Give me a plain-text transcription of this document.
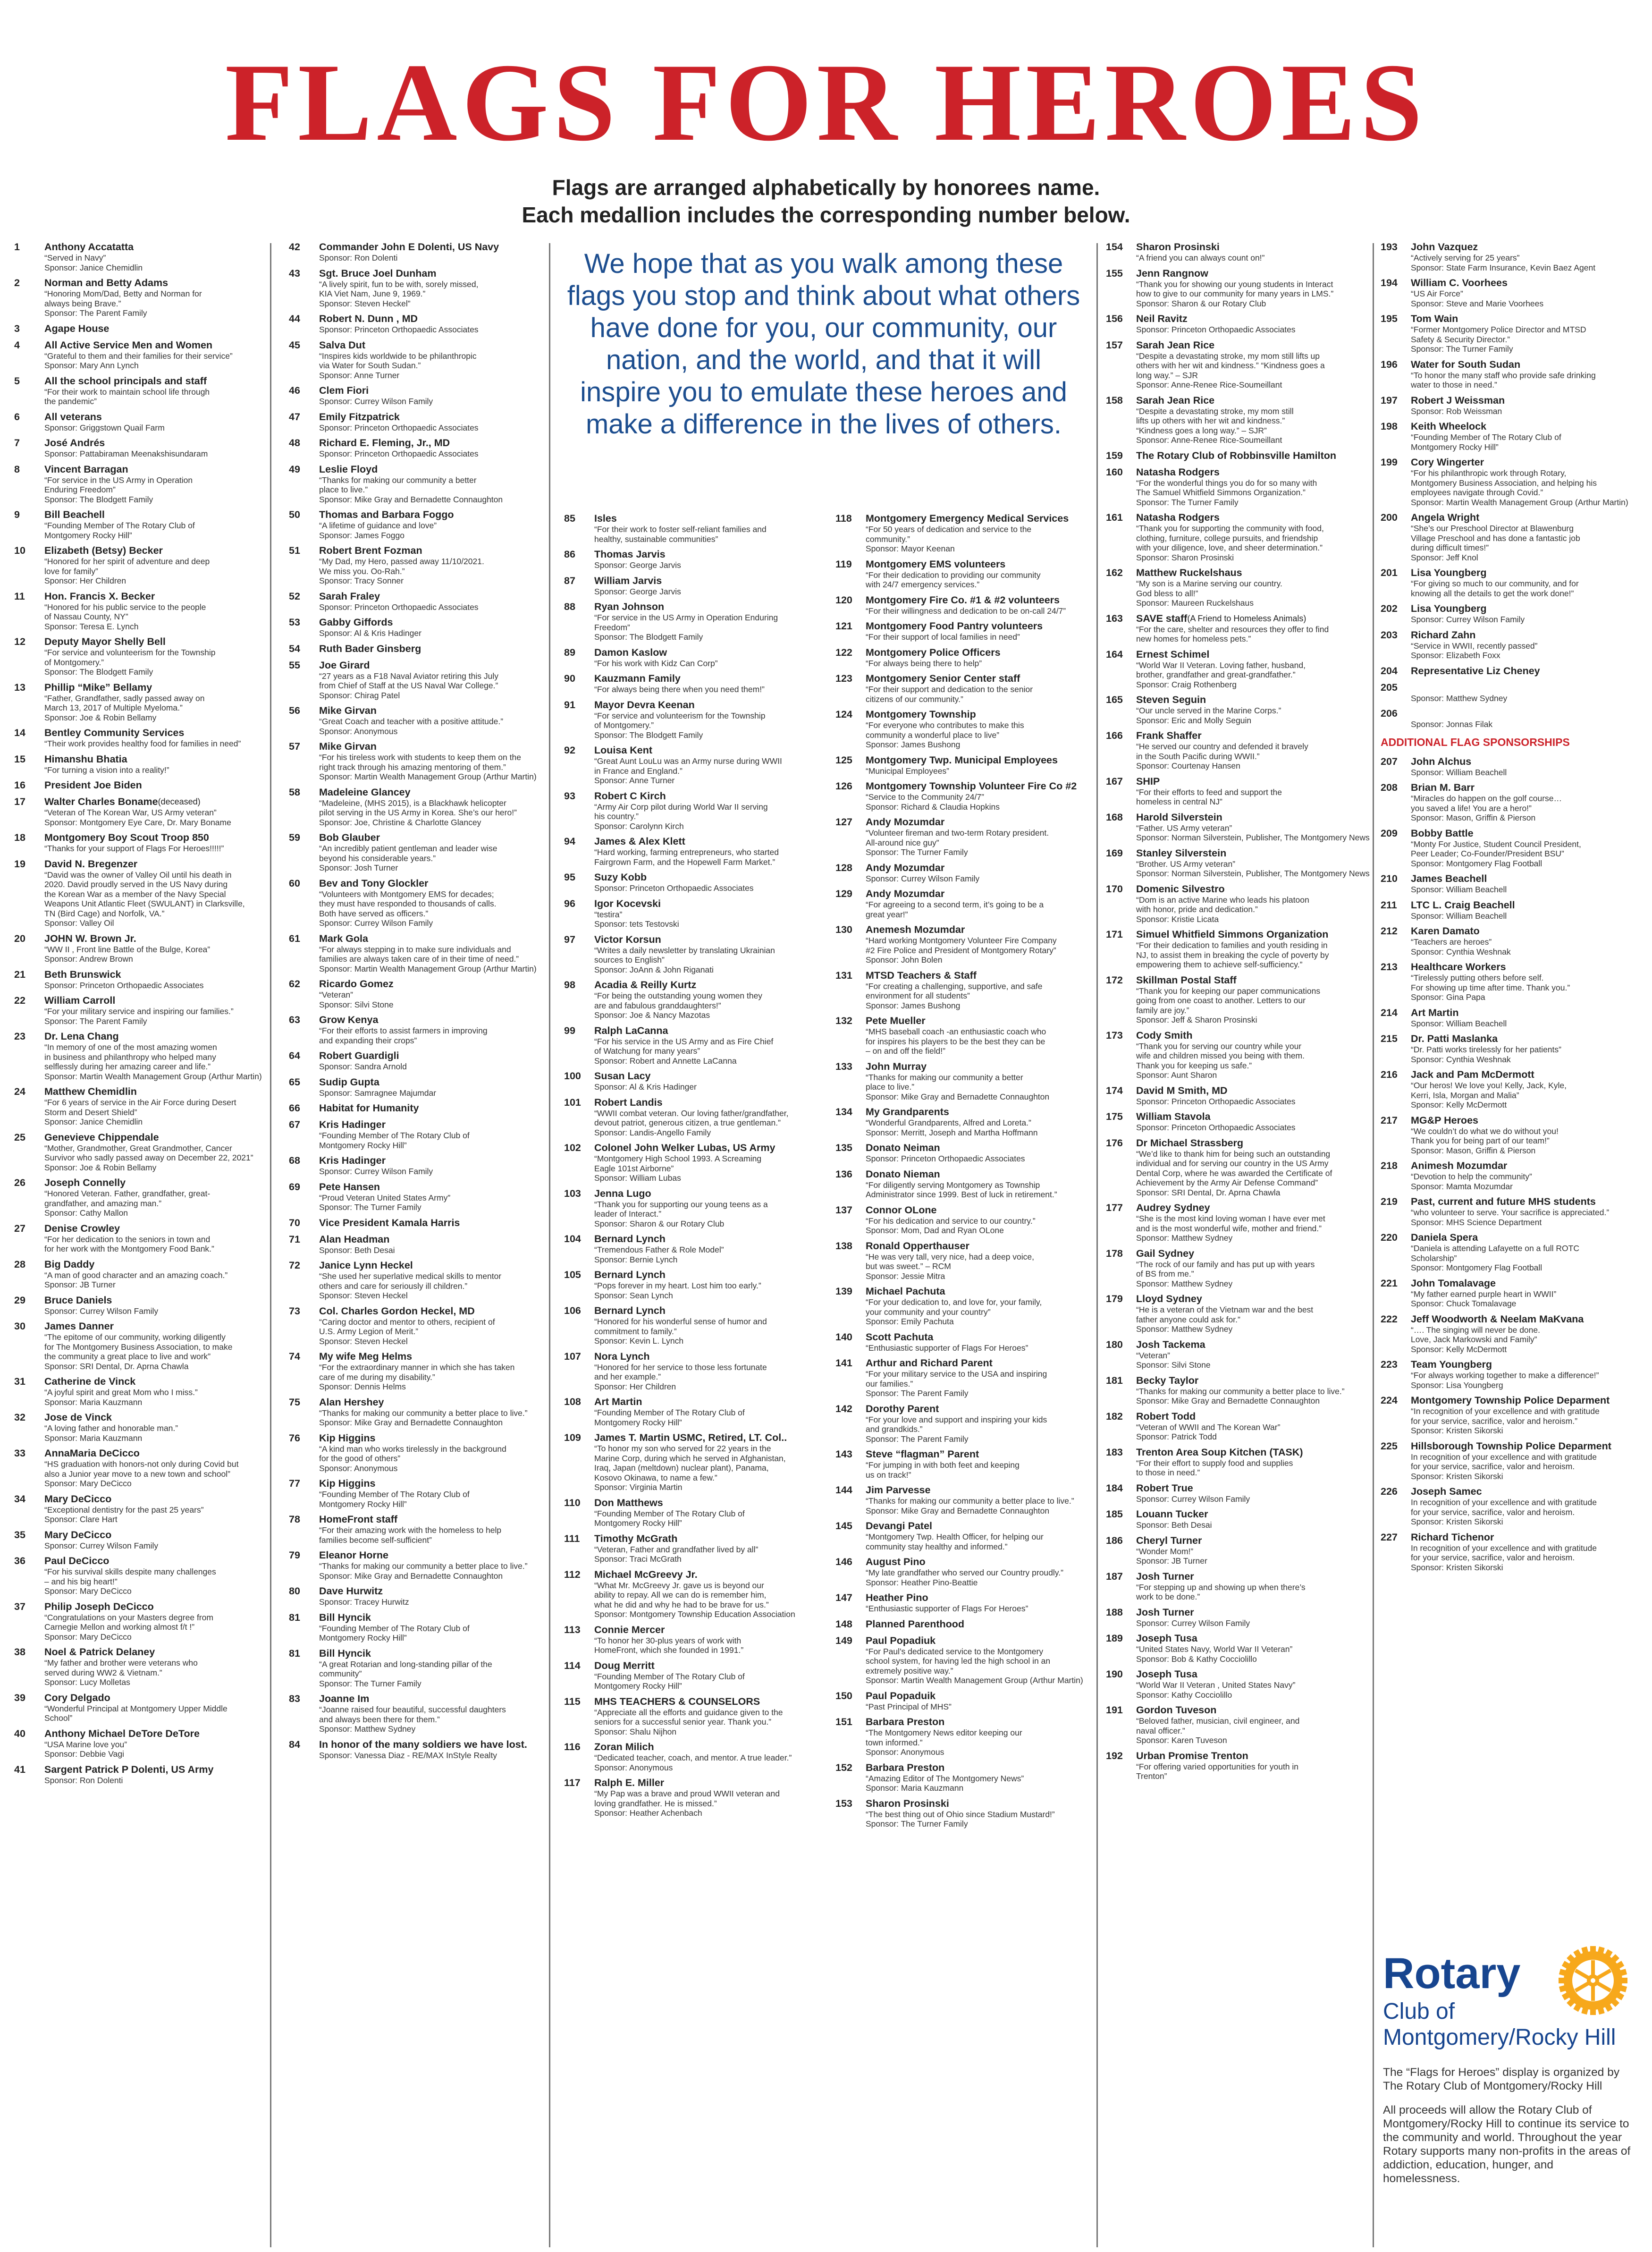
FLAGS FOR HEROES
Flags are arranged alphabetically by honorees name.
Each medallion includes the corresponding number below.
1	Anthony Accatatta
“Served in Navy”
Sponsor: Janice Chemidlin
2	Norman and Betty Adams
“Honoring Mom/Dad, Betty and Norman for
always being Brave.”
Sponsor: The Parent Family
3	Agape House
4	All Active Service Men and Women
“Grateful to them and their families for their service”
Sponsor: Mary Ann Lynch
5	All the school principals and staff
“For their work to maintain school life through
the pandemic”
6	All veterans
Sponsor: Griggstown Quail Farm
7	José Andrés
Sponsor: Pattabiraman Meenakshisundaram
8	Vincent Barragan
“For service in the US Army in Operation
Enduring Freedom”
Sponsor: The Blodgett Family
9	Bill Beachell
“Founding Member of The Rotary Club of
Montgomery Rocky Hill”
10	Elizabeth (Betsy) Becker
“Honored for her spirit of adventure and deep
love for family”
Sponsor: Her Children
11	Hon. Francis X. Becker
“Honored for his public service to the people
of Nassau County, NY”
Sponsor: Teresa E. Lynch
12	Deputy Mayor Shelly Bell
“For service and volunteerism for the Township
of Montgomery.”
Sponsor: The Blodgett Family
13	Phillip “Mike” Bellamy
“Father, Grandfather, sadly passed away on
March 13, 2017 of Multiple Myeloma.”
Sponsor: Joe & Robin Bellamy
14	Bentley Community Services
“Their work provides healthy food for families in need”
15	Himanshu Bhatia
“For turning a vision into a reality!”
16	President Joe Biden
17	Walter Charles Boname (deceased)
“Veteran of The Korean War, US Army veteran”
Sponsor: Montgomery Eye Care, Dr. Mary Boname
18	Montgomery Boy Scout Troop 850
“Thanks for your support of Flags For Heroes!!!!!”
19	David N. Bregenzer
“David was the owner of Valley Oil until his death in
2020. David proudly served in the US Navy during
the Korean War as a member of the Navy Special
Weapons Unit Atlantic Fleet (SWULANT) in Clarksville,
TN (Bird Cage) and Norfolk, VA.”
Sponsor: Valley Oil
20	JOHN W. Brown Jr.
“WW II , Front line Battle of the Bulge, Korea”
Sponsor: Andrew Brown
21	Beth Brunswick
Sponsor: Princeton Orthopaedic Associates
22	William Carroll
“For your military service and inspiring our families.”
Sponsor: The Parent Family
23	Dr. Lena Chang
“In memory of one of the most amazing women
in business and philanthropy who helped many
selflessly during her amazing career and life.”
Sponsor: Martin Wealth Management Group (Arthur Martin)
24	Matthew Chemidlin
“For 6 years of service in the Air Force during Desert
Storm and Desert Shield”
Sponsor: Janice Chemidlin
25	Genevieve Chippendale
“Mother, Grandmother, Great Grandmother, Cancer
Survivor who sadly passed away on December 22, 2021”
Sponsor: Joe & Robin Bellamy
26	Joseph Connelly
“Honored Veteran. Father, grandfather, great-
grandfather, and amazing man.”
Sponsor: Cathy Mallon
27	Denise Crowley
“For her dedication to the seniors in town and
for her work with the Montgomery Food Bank.”
28	Big Daddy
“A man of good character and an amazing coach.”
Sponsor: JB Turner
29	Bruce Daniels
Sponsor: Currey Wilson Family
30	James Danner
“The epitome of our community, working diligently
for The Montgomery Business Association, to make
the community a great place to live and work”
Sponsor: SRI Dental, Dr. Aprna Chawla
31	Catherine de Vinck
“A joyful spirit and great Mom who I miss.”
Sponsor: Maria Kauzmann
32	Jose de Vinck
“A loving father and honorable man.”
Sponsor: Maria Kauzmann
33	AnnaMaria DeCicco
“HS graduation with honors-not only during Covid but
also a Junior year move to a new town and school”
Sponsor: Mary DeCicco
34	Mary DeCicco
“Exceptional dentistry for the past 25 years”
Sponsor: Clare Hart
35	Mary DeCicco
Sponsor: Currey Wilson Family
36	Paul DeCicco
“For his survival skills despite many challenges
– and his big heart!”
Sponsor: Mary DeCicco
37	Philip Joseph DeCicco
“Congratulations on your Masters degree from
Carnegie Mellon and working almost f/t !”
Sponsor: Mary DeCicco
38	Noel & Patrick Delaney
“My father and brother were veterans who
served during WW2 & Vietnam.”
Sponsor: Lucy Molletas
39	Cory Delgado
“Wonderful Principal at Montgomery Upper Middle
School”
40	Anthony Michael DeTore DeTore
“USA Marine love you”
Sponsor: Debbie Vagi
41	Sargent Patrick P Dolenti, US Army
Sponsor: Ron Dolenti
42	Commander John E Dolenti, US Navy
Sponsor: Ron Dolenti
43	Sgt. Bruce Joel Dunham
“A lively spirit, fun to be with, sorely missed,
KIA Viet Nam, June 9, 1969.”
Sponsor: Steven Heckel”
44	Robert N. Dunn , MD
Sponsor: Princeton Orthopaedic Associates
45	Salva Dut
“Inspires kids worldwide to be philanthropic
via Water for South Sudan.”
Sponsor: Anne Turner
46	Clem Fiori
Sponsor: Currey Wilson Family
47	Emily Fitzpatrick
Sponsor: Princeton Orthopaedic Associates
48	Richard E. Fleming, Jr., MD
Sponsor: Princeton Orthopaedic Associates
49	Leslie Floyd
“Thanks for making our community a better
place to live.”
Sponsor: Mike Gray and Bernadette Connaughton
50	Thomas and Barbara Foggo
“A lifetime of guidance and love”
Sponsor: James Foggo
51	Robert Brent Fozman
“My Dad, my Hero, passed away 11/10/2021.
We miss you. Oo-Rah.”
Sponsor: Tracy Sonner
52	Sarah Fraley
Sponsor: Princeton Orthopaedic Associates
53	Gabby Giffords
Sponsor: Al & Kris Hadinger
54	Ruth Bader Ginsberg
55	Joe Girard
“27 years as a F18 Naval Aviator retiring this July
from Chief of Staff at the US Naval War College.”
Sponsor: Chirag Patel
56	Mike Girvan
“Great Coach and teacher with a positive attitude.”
Sponsor: Anonymous
57	Mike Girvan
“For his tireless work with students to keep them on the
right track through his amazing mentoring of them.”
Sponsor: Martin Wealth Management Group (Arthur Martin)
58	Madeleine Glancey
“Madeleine, (MHS 2015), is a Blackhawk helicopter
pilot serving in the US Army in Korea. She’s our hero!”
Sponsor: Joe, Christine & Charlotte Glancey
59	Bob Glauber
“An incredibly patient gentleman and leader wise
beyond his considerable years.”
Sponsor: Josh Turner
60	Bev and Tony Glockler
“Volunteers with Montgomery EMS for decades;
they must have responded to thousands of calls.
Both have served as officers.”
Sponsor: Currey Wilson Family
61	Mark Gola
“For always stepping in to make sure individuals and
families are always taken care of in their time of need.”
Sponsor: Martin Wealth Management Group (Arthur Martin)
62	Ricardo Gomez
“Veteran”
Sponsor: Silvi Stone
63	Grow Kenya
“For their efforts to assist farmers in improving
and expanding their crops”
64	Robert Guardigli
Sponsor: Sandra Arnold
65	Sudip Gupta
Sponsor: Samragnee Majumdar
66	Habitat for Humanity
67	Kris Hadinger
“Founding Member of The Rotary Club of
Montgomery Rocky Hill”
68	Kris Hadinger
Sponsor: Currey Wilson Family
69	Pete Hansen
“Proud Veteran United States Army”
Sponsor: The Turner Family
70	Vice President Kamala Harris
71	Alan Headman
Sponsor: Beth Desai
72	Janice Lynn Heckel
“She used her superlative medical skills to mentor
others and care for seriously ill children.”
Sponsor: Steven Heckel
73	Col. Charles Gordon Heckel, MD
“Caring doctor and mentor to others, recipient of
U.S. Army Legion of Merit.”
Sponsor: Steven Heckel
74	My wife Meg Helms
“For the extraordinary manner in which she has taken
care of me during my disability.”
Sponsor: Dennis Helms
75	Alan Hershey
“Thanks for making our community a better place to live.”
Sponsor: Mike Gray and Bernadette Connaughton
76	Kip Higgins
“A kind man who works tirelessly in the background
for the good of others”
Sponsor: Anonymous
77	Kip Higgins
“Founding Member of The Rotary Club of
Montgomery Rocky Hill”
78	HomeFront staff
“For their amazing work with the homeless to help
families become self-sufficient”
79	Eleanor Horne
“Thanks for making our community a better place to live.”
Sponsor: Mike Gray and Bernadette Connaughton
80	Dave Hurwitz
Sponsor: Tracey Hurwitz
81	Bill Hyncik
“Founding Member of The Rotary Club of
Montgomery Rocky Hill”
81	Bill Hyncik
“A great Rotarian and long-standing pillar of the
community”
Sponsor: The Turner Family
83	Joanne Im
“Joanne raised four beautiful, successful daughters
and always been there for them.”
Sponsor: Matthew Sydney
84	In honor of the many soldiers we have lost.
Sponsor: Vanessa Diaz - RE/MAX InStyle Realty
We hope that as you walk among these flags you stop and think about what others have done for you, our community, our nation, and the world, and that it will inspire you to emulate these heroes and make a difference in the lives of others.
85	Isles
“For their work to foster self-reliant families and
healthy, sustainable communities”
86	Thomas Jarvis
Sponsor: George Jarvis
87	William Jarvis
Sponsor: George Jarvis
88	Ryan Johnson
“For service in the US Army in Operation Enduring
Freedom”
Sponsor: The Blodgett Family
89	Damon Kaslow
“For his work with Kidz Can Corp”
90	Kauzmann Family
“For always being there when you need them!”
91	Mayor Devra Keenan
“For service and volunteerism for the Township
of Montgomery.”
Sponsor: The Blodgett Family
92	Louisa Kent
“Great Aunt LouLu was an Army nurse during WWII
in France and England.”
Sponsor: Anne Turner
93	Robert C Kirch
“Army Air Corp pilot during World War II serving
his country.”
Sponsor: Carolynn Kirch
94	James & Alex Klett
“Hard working, farming entrepreneurs, who started
Fairgrown Farm, and the Hopewell Farm Market.”
95	Suzy Kobb
Sponsor: Princeton Orthopaedic Associates
96	Igor Kocevski
“testira”
Sponsor: tets Testovski
97	Victor Korsun
“Writes a daily newsletter by translating Ukrainian
sources to English”
Sponsor: JoAnn & John Riganati
98	Acadia & Reilly Kurtz
“For being the outstanding young women they
are and fabulous granddaughters!”
Sponsor: Joe & Nancy Mazotas
99	Ralph LaCanna
“For his service in the US Army and as Fire Chief
of Watchung for many years”
Sponsor: Robert and Annette LaCanna
100	Susan Lacy
Sponsor: Al & Kris Hadinger
101	Robert Landis
“WWII combat veteran. Our loving father/grandfather,
devout patriot, generous citizen, a true gentleman.”
Sponsor: Landis-Angello Family
102	Colonel John Welker Lubas, US Army
“Montgomery High School 1993. A Screaming
Eagle 101st Airborne”
Sponsor: William Lubas
103	Jenna Lugo
“Thank you for supporting our young teens as a
leader of Interact.”
Sponsor: Sharon & our Rotary Club
104	Bernard Lynch
“Tremendous Father & Role Model”
Sponsor: Bernie Lynch
105	Bernard Lynch
“Pops forever in my heart. Lost him too early.”
Sponsor: Sean Lynch
106	Bernard Lynch
“Honored for his wonderful sense of humor and
commitment to family.”
Sponsor: Kevin L. Lynch
107	Nora Lynch
“Honored for her service to those less fortunate
and her example.”
Sponsor: Her Children
108	Art Martin
“Founding Member of The Rotary Club of
Montgomery Rocky Hill”
109	James T. Martin USMC, Retired, LT. Col..
“To honor my son who served for 22 years in the
Marine Corp, during which he served in Afghanistan,
Iraq, Japan (meltdown) nuclear plant), Panama,
Kosovo Okinawa, to name a few.”
Sponsor: Virginia Martin
110	Don Matthews
“Founding Member of The Rotary Club of
Montgomery Rocky Hill”
111	Timothy McGrath
“Veteran, Father and grandfather lived by all”
Sponsor: Traci McGrath
112	Michael McGreevy Jr.
“What Mr. McGreevy Jr. gave us is beyond our
ability to repay. All we can do is remember him,
what he did and why he had to be brave for us.”
Sponsor: Montgomery Township Education Association
113	Connie Mercer
“To honor her 30-plus years of work with
HomeFront, which she founded in 1991.”
114	Doug Merritt
“Founding Member of The Rotary Club of
Montgomery Rocky Hill”
115	MHS TEACHERS & COUNSELORS
“Appreciate all the efforts and guidance given to the
seniors for a successful senior year. Thank you.”
Sponsor: Shalu Nijhon
116	Zoran Milich
“Dedicated teacher, coach, and mentor. A true leader.”
Sponsor: Anonymous
117	Ralph E. Miller
“My Pap was a brave and proud WWII veteran and
loving grandfather. He is missed.”
Sponsor: Heather Achenbach
118	Montgomery Emergency Medical Services
“For 50 years of dedication and service to the
community.”
Sponsor: Mayor Keenan
119	Montgomery EMS volunteers
“For their dedication to providing our community
with 24/7 emergency services.”
120	Montgomery Fire Co. #1 & #2 volunteers
“For their willingness and dedication to be on-call 24/7”
121	Montgomery Food Pantry volunteers
“For their support of local families in need”
122	Montgomery Police Officers
“For always being there to help”
123	Montgomery Senior Center staff
“For their support and dedication to the senior
citizens of our community.”
124	Montgomery Township
“For everyone who contributes to make this
community a wonderful place to live”
Sponsor: James Bushong
125	Montgomery Twp. Municipal Employees
“Municipal Employees”
126	Montgomery Township Volunteer Fire Co #2
“Service to the Community 24/7”
Sponsor: Richard & Claudia Hopkins
127	Andy Mozumdar
“Volunteer fireman and two-term Rotary president.
All-around nice guy”
Sponsor: The Turner Family
128	Andy Mozumdar
Sponsor: Currey Wilson Family
129	Andy Mozumdar
“For agreeing to a second term, it’s going to be a
great year!”
130	Anemesh Mozumdar
“Hard working Montgomery Volunteer Fire Company
#2 Fire Police and President of Montgomery Rotary”
Sponsor: John Bolen
131	MTSD Teachers & Staff
“For creating a challenging, supportive, and safe
environment for all students”
Sponsor: James Bushong
132	Pete Mueller
“MHS baseball coach -an enthusiastic coach who
for inspires his players to be the best they can be
– on and off the field!”
133	John Murray
“Thanks for making our community a better
place to live.”
Sponsor: Mike Gray and Bernadette Connaughton
134	My Grandparents
“Wonderful Grandparents, Alfred and Loreta.”
Sponsor: Merritt, Joseph and Martha Hoffmann
135	Donato Neiman
Sponsor: Princeton Orthopaedic Associates
136	Donato Nieman
“For diligently serving Montgomery as Township
Administrator since 1999. Best of luck in retirement.”
137	Connor OLone
“For his dedication and service to our country.”
Sponsor: Mom, Dad and Ryan OLone
138	Ronald Opperthauser
“He was very tall, very nice, had a deep voice,
but was sweet.” – RCM
Sponsor: Jessie Mitra
139	Michael Pachuta
“For your dedication to, and love for, your family,
your community and your country”
Sponsor: Emily Pachuta
140	Scott Pachuta
“Enthusiastic supporter of Flags For Heroes”
141	Arthur and Richard Parent
“For your military service to the USA and inspiring
our families.”
Sponsor: The Parent Family
142	Dorothy Parent
“For your love and support and inspiring your kids
and grandkids.”
Sponsor: The Parent Family
143	Steve “flagman” Parent
“For jumping in with both feet and keeping
us on track!”
144	Jim Parvesse
“Thanks for making our community a better place to live.”
Sponsor: Mike Gray and Bernadette Connaughton
145	Devangi Patel
“Montgomery Twp. Health Officer, for helping our
community stay healthy and informed.”
146	August Pino
“My late grandfather who served our Country proudly.”
Sponsor: Heather Pino-Beattie
147	Heather Pino
“Enthusiastic supporter of Flags For Heroes”
148	Planned Parenthood
149	Paul Popadiuk
“For Paul’s dedicated service to the Montgomery
school system, for having led the high school in an
extremely positive way.”
Sponsor: Martin Wealth Management Group (Arthur Martin)
150	Paul Popaduik
“Past Principal of MHS”
151	Barbara Preston
“The Montgomery News editor keeping our
town informed.”
Sponsor: Anonymous
152	Barbara Preston
“Amazing Editor of The Montgomery News”
Sponsor: Maria Kauzmann
153	Sharon Prosinski
“The best thing out of Ohio since Stadium Mustard!”
Sponsor: The Turner Family
154	Sharon Prosinski
“A friend you can always count on!”
155	Jenn Rangnow
“Thank you for showing our young students in Interact
how to give to our community for many years in LMS.”
Sponsor: Sharon & our Rotary Club
156	Neil Ravitz
Sponsor: Princeton Orthopaedic Associates
157	Sarah Jean Rice
“Despite a devastating stroke, my mom still lifts up
others with her wit and kindness.” “Kindness goes a
long way.” – SJR
Sponsor: Anne-Renee Rice-Soumeillant
158	Sarah Jean Rice
“Despite a devastating stroke, my mom still
lifts up others with her wit and kindness.”
“Kindness goes a long way.” – SJR”
Sponsor: Anne-Renee Rice-Soumeillant
159	The Rotary Club of Robbinsville Hamilton
160	Natasha Rodgers
“For the wonderful things you do for so many with
The Samuel Whitfield Simmons Organization.”
Sponsor: The Turner Family
161	Natasha Rodgers
“Thank you for supporting the community with food,
clothing, furniture, college pursuits, and friendship
with your diligence, love, and sheer determination.”
Sponsor: Sharon Prosinski
162	Matthew Ruckelshaus
“My son is a Marine serving our country.
God bless to all!”
Sponsor: Maureen Ruckelshaus
163	SAVE staff (A Friend to Homeless Animals)
“For the care, shelter and resources they offer to find
new homes for homeless pets.”
164	Ernest Schimel
“World War II Veteran. Loving father, husband,
brother, grandfather and great-grandfather.”
Sponsor: Craig Rothenberg
165	Steven Seguin
“Our uncle served in the Marine Corps.”
Sponsor: Eric and Molly Seguin
166	Frank Shaffer
“He served our country and defended it bravely
in the South Pacific during WWII.”
Sponsor: Courtenay Hansen
167	SHIP
“For their efforts to feed and support the
homeless in central NJ”
168	Harold Silverstein
“Father. US Army veteran”
Sponsor: Norman Silverstein, Publisher, The Montgomery News
169	Stanley Silverstein
“Brother. US Army veteran”
Sponsor: Norman Silverstein, Publisher, The Montgomery News
170	Domenic Silvestro
“Dom is an active Marine who leads his platoon
with honor, pride and dedication.”
Sponsor: Kristie Licata
171	Simuel Whitfield Simmons Organization
“For their dedication to families and youth residing in
NJ, to assist them in breaking the cycle of poverty by
empowering them to achieve self-sufficiency.”
172	Skillman Postal Staff
“Thank you for keeping our paper communications
going from one coast to another. Letters to our
family are joy.”
Sponsor: Jeff & Sharon Prosinski
173	Cody Smith
“Thank you for serving our country while your
wife and children missed you being with them.
Thank you for keeping us safe.”
Sponsor: Aunt Sharon
174	David M Smith, MD
Sponsor: Princeton Orthopaedic Associates
175	William Stavola
Sponsor: Princeton Orthopaedic Associates
176	Dr Michael Strassberg
“We’d like to thank him for being such an outstanding
individual and for serving our country in the US Army
Dental Corp, where he was awarded the Certificate of
Achievement by the Army Air Defense Command”
Sponsor: SRI Dental, Dr. Aprna Chawla
177	Audrey Sydney
“She is the most kind loving woman I have ever met
and is the most wonderful wife, mother and friend.”
Sponsor: Matthew Sydney
178	Gail Sydney
“The rock of our family and has put up with years
of BS from me.”
Sponsor: Matthew Sydney
179	Lloyd Sydney
“He is a veteran of the Vietnam war and the best
father anyone could ask for.”
Sponsor: Matthew Sydney
180	Josh Tackema
“Veteran”
Sponsor: Silvi Stone
181	Becky Taylor
“Thanks for making our community a better place to live.”
Sponsor: Mike Gray and Bernadette Connaughton
182	Robert Todd
“Veteran of WWII and The Korean War”
Sponsor: Patrick Todd
183	Trenton Area Soup Kitchen (TASK)
“For their effort to supply food and supplies
to those in need.”
184	Robert True
Sponsor: Currey Wilson Family
185	Louann Tucker
Sponsor: Beth Desai
186	Cheryl Turner
“Wonder Mom!”
Sponsor: JB Turner
187	Josh Turner
“For stepping up and showing up when there’s
work to be done.”
188	Josh Turner
Sponsor: Currey Wilson Family
189	Joseph Tusa
“United States Navy, World War II Veteran”
Sponsor: Bob & Kathy Cocciolillo
190	Joseph Tusa
“World War II Veteran , United States Navy”
Sponsor: Kathy Cocciolillo
191	Gordon Tuveson
“Beloved father, musician, civil engineer, and
naval officer.”
Sponsor: Karen Tuveson
192	Urban Promise Trenton
“For offering varied opportunities for youth in
Trenton”
193	John Vazquez
“Actively serving for 25 years”
Sponsor: State Farm Insurance, Kevin Baez Agent
194	William C. Voorhees
“US Air Force”
Sponsor: Steve and Marie Voorhees
195	Tom Wain
“Former Montgomery Police Director and MTSD
Safety & Security Director.”
Sponsor: The Turner Family
196	Water for South Sudan
“To honor the many staff who provide safe drinking
water to those in need.”
197	Robert J Weissman
Sponsor: Rob Weissman
198	Keith Wheelock
“Founding Member of The Rotary Club of
Montgomery Rocky Hill”
199	Cory Wingerter
“For his philanthropic work through Rotary,
Montgomery Business Association, and helping his
employees navigate through Covid.”
Sponsor: Martin Wealth Management Group (Arthur Martin)
200	Angela Wright
“She’s our Preschool Director at Blawenburg
Village Preschool and has done a fantastic job
during difficult times!”
Sponsor: Jeff Knol
201	Lisa Youngberg
“For giving so much to our community, and for
knowing all the details to get the work done!”
202	Lisa Youngberg
Sponsor: Currey Wilson Family
203	Richard Zahn
“Service in WWII, recently passed”
Sponsor: Elizabeth Foxx
204	Representative Liz Cheney
205
Sponsor: Matthew Sydney
206
Sponsor: Jonnas Filak
ADDITIONAL FLAG SPONSORSHIPS
207	John Alchus
Sponsor: William Beachell
208	Brian M. Barr
“Miracles do happen on the golf course…
you saved a life! You are a hero!”
Sponsor: Mason, Griffin & Pierson
209	Bobby Battle
“Monty For Justice, Student Council President,
Peer Leader; Co-Founder/President BSU”
Sponsor: Montgomery Flag Football
210	James Beachell
Sponsor: William Beachell
211	LTC L. Craig Beachell
Sponsor: William Beachell
212	Karen Damato
“Teachers are heroes”
Sponsor: Cynthia Weshnak
213	Healthcare Workers
“Tirelessly putting others before self.
For showing up time after time. Thank you.”
Sponsor: Gina Papa
214	Art Martin
Sponsor: William Beachell
215	Dr. Patti Maslanka
“Dr. Patti works tirelessly for her patients”
Sponsor: Cynthia Weshnak
216	Jack and Pam McDermott
“Our heros! We love you! Kelly, Jack, Kyle,
Kerri, Isla, Morgan and Malia”
Sponsor: Kelly McDermott
217	MG&P Heroes
“We couldn’t do what we do without you!
Thank you for being part of our team!”
Sponsor: Mason, Griffin & Pierson
218	Animesh Mozumdar
“Devotion to help the community”
Sponsor: Mamta Mozumdar
219	Past, current and future MHS students
“who volunteer to serve. Your sacrifice is appreciated.”
Sponsor: MHS Science Department
220	Daniela Spera
“Daniela is attending Lafayette on a full ROTC
Scholarship”
Sponsor: Montgomery Flag Football
221	John Tomalavage
“My father earned purple heart in WWII”
Sponsor: Chuck Tomalavage
222	Jeff Woodworth & Neelam MaKvana
“…. The singing will never be done.
Love, Jack Markowski and Family”
Sponsor: Kelly McDermott
223	Team Youngberg
“For always working together to make a difference!”
Sponsor: Lisa Youngberg
224	Montgomery Township Police Deparment
“In recognition of your excellence and with gratitude
for your service, sacrifice, valor and heroism.”
Sponsor: Kristen Sikorski
225	Hillsborough Township Police Deparment
In recognition of your excellence and with gratitude
for your service, sacrifice, valor and heroism.
Sponsor: Kristen Sikorski
226	Joseph Samec
In recognition of your excellence and with gratitude
for your service, sacrifice, valor and heroism.
Sponsor: Kristen Sikorski
227	Richard Tichenor
In recognition of your excellence and with gratitude
for your service, sacrifice, valor and heroism.
Sponsor: Kristen Sikorski
Rotary
Club of
Montgomery/Rocky Hill

The “Flags for Heroes” display is organized by The Rotary Club of Montgomery/Rocky Hill

All proceeds will allow the Rotary Club of Montgomery/Rocky Hill to continue its service to the community and world. Throughout the year Rotary supports many non-profits in the areas of addiction, education, hunger, and homelessness.
